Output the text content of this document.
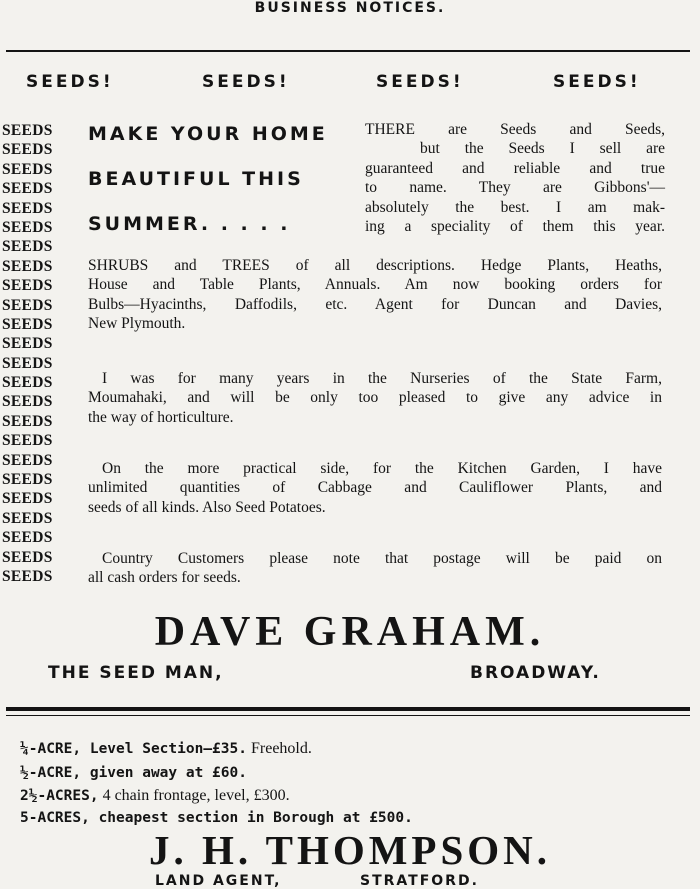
BUSINESS NOTICES.
SEEDS!	SEEDS!	SEEDS!	SEEDS!
SEEDS
SEEDS
SEEDS
SEEDS
SEEDS
SEEDS
SEEDS
SEEDS
SEEDS
SEEDS
SEEDS
SEEDS
SEEDS
SEEDS
SEEDS
SEEDS
SEEDS
SEEDS
SEEDS
SEEDS
SEEDS
SEEDS
SEEDS
SEEDS
MAKE YOUR HOME
BEAUTIFUL THIS
SUMMER. . . . .
THERE are Seeds and Seeds,
but the Seeds I sell are
guaranteed and reliable and true
to name. They are Gibbons'—
absolutely the best. I am mak-
ing a speciality of them this year.
SHRUBS and TREES of all descriptions. Hedge Plants, Heaths,
House and Table Plants, Annuals. Am now booking orders for
Bulbs—Hyacinths, Daffodils, etc. Agent for Duncan and Davies,
New Plymouth.
I was for many years in the Nurseries of the State Farm,
Moumahaki, and will be only too pleased to give any advice in
the way of horticulture.
On the more practical side, for the Kitchen Garden, I have
unlimited quantities of Cabbage and Cauliflower Plants, and
seeds of all kinds. Also Seed Potatoes.
Country Customers please note that postage will be paid on
all cash orders for seeds.
DAVE GRAHAM.
THE SEED MAN,	BROADWAY.
¼-ACRE, Level Section—£35. Freehold.
½-ACRE, given away at £60.
2½-ACRES, 4 chain frontage, level, £300.
5-ACRES, cheapest section in Borough at £500.
J. H. THOMPSON.
LAND AGENT,	STRATFORD.
